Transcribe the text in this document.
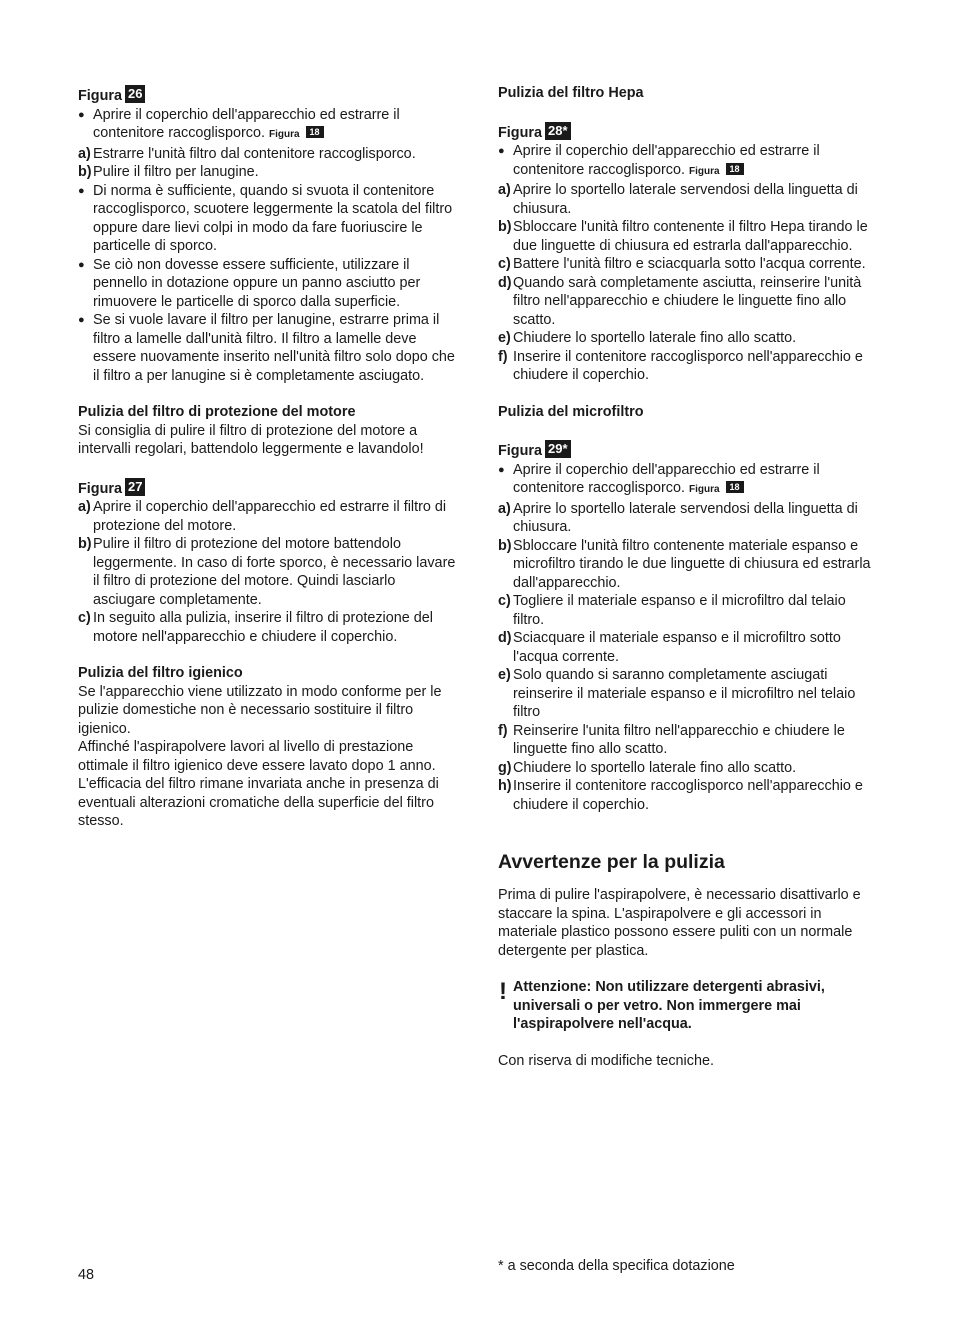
Figura 26

● Aprire il coperchio dell'apparecchio ed estrarre il contenitore raccoglisporco. Figura 18
a) Estrarre l'unità filtro dal contenitore raccoglisporco.
b) Pulire il filtro per lanugine.
● Di norma è sufficiente, quando si svuota il contenitore raccoglisporco, scuotere leggermente la scatola del filtro oppure dare lievi colpi in modo da fare fuoriuscire le particelle di sporco.
● Se ciò non dovesse essere sufficiente, utilizzare il pennello in dotazione oppure un panno asciutto per rimuovere le particelle di sporco dalla superficie.
● Se si vuole lavare il filtro per lanugine, estrarre prima il filtro a lamelle dall'unità filtro. Il filtro a lamelle deve essere nuovamente inserito nell'unità filtro solo dopo che il filtro a per lanugine si è completamente asciugato.

Pulizia del filtro di protezione del motore

Si consiglia di pulire il filtro di protezione del motore a intervalli regolari, battendolo leggermente e lavandolo!

Figura 27

a) Aprire il coperchio dell'apparecchio ed estrarre il filtro di protezione del motore.
b) Pulire il filtro di protezione del motore battendolo leggermente. In caso di forte sporco, è necessario lavare il filtro di protezione del motore. Quindi lasciarlo asciugare completamente.
c) In seguito alla pulizia, inserire il filtro di protezione del motore nell'apparecchio e chiudere il coperchio.

Pulizia del filtro igienico

Se l'apparecchio viene utilizzato in modo conforme per le pulizie domestiche non è necessario sostituire il filtro igienico.

Affinché l'aspirapolvere lavori al livello di prestazione ottimale il filtro igienico deve essere lavato dopo 1 anno. L'efficacia del filtro rimane invariata anche in presenza di eventuali alterazioni cromatiche della superficie del filtro stesso.

Pulizia del filtro Hepa

Figura 28*

● Aprire il coperchio dell'apparecchio ed estrarre il contenitore raccoglisporco. Figura 18
a) Aprire lo sportello laterale servendosi della linguetta di chiusura.
b) Sbloccare l'unità filtro contenente il filtro Hepa tirando le due linguette di chiusura ed estrarla dall'apparecchio.
c) Battere l'unità filtro e sciacquarla sotto l'acqua corrente.
d) Quando sarà completamente asciutta, reinserire l'unità filtro nell'apparecchio e chiudere le linguette fino allo scatto.
e) Chiudere lo sportello laterale fino allo scatto.
f) Inserire il contenitore raccoglisporco nell'apparecchio e chiudere il coperchio.

Pulizia del microfiltro

Figura 29*

● Aprire il coperchio dell'apparecchio ed estrarre il contenitore raccoglisporco. Figura 18
a) Aprire lo sportello laterale servendosi della linguetta di chiusura.
b) Sbloccare l'unità filtro contenente materiale espanso e microfiltro tirando le due linguette di chiusura ed estrarla dall'apparecchio.
c) Togliere il materiale espanso e il microfiltro dal telaio filtro.
d) Sciacquare il materiale espanso e il microfiltro sotto l'acqua corrente.
e) Solo quando si saranno completamente asciugati reinserire il materiale espanso e il microfiltro nel telaio filtro
f) Reinserire l'unita filtro nell'apparecchio e chiudere le linguette fino allo scatto.
g) Chiudere lo sportello laterale fino allo scatto.
h) Inserire il contenitore raccoglisporco nell'apparecchio e chiudere il coperchio.
Avvertenze per la pulizia

Prima di pulire l'aspirapolvere, è necessario disattivarlo e staccare la spina. L'aspirapolvere e gli accessori in materiale plastico possono essere puliti con un normale detergente per plastica.

! Attenzione: Non utilizzare detergenti abrasivi, universali o per vetro. Non immergere mai l'aspirapolvere nell'acqua.

Con riserva di modifiche tecniche.

48
* a seconda della specifica dotazione
